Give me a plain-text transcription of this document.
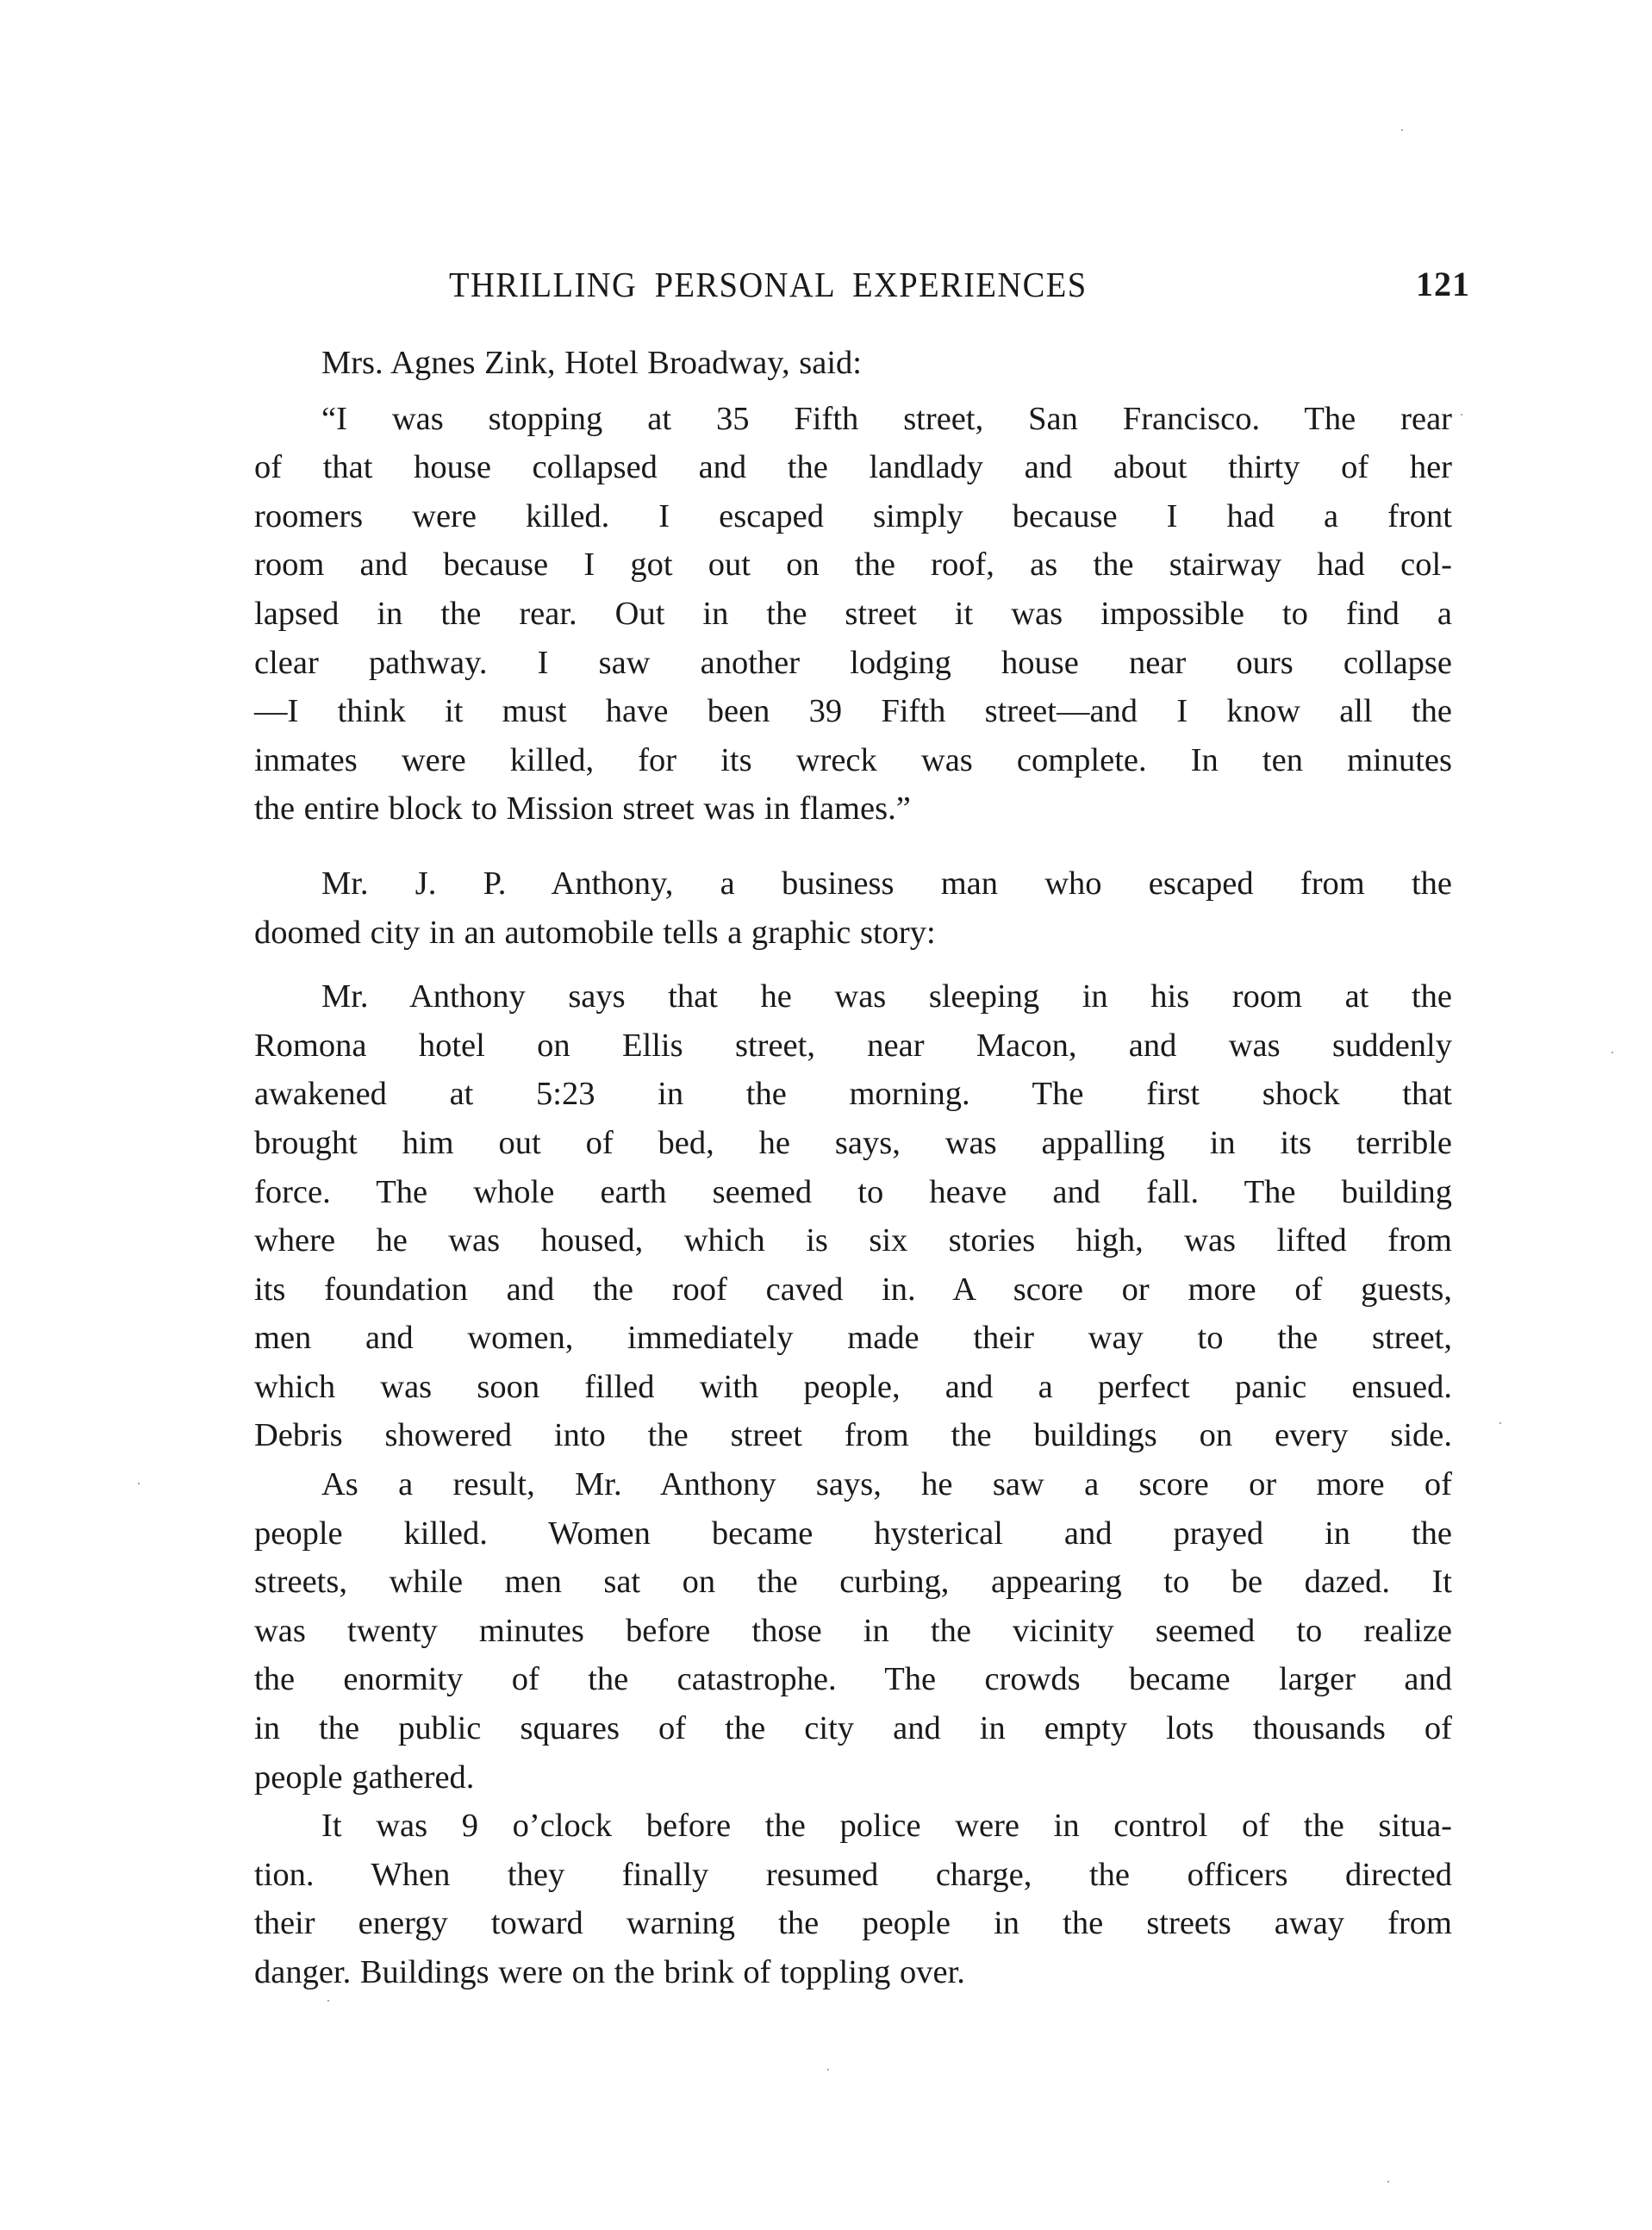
THRILLING PERSONAL EXPERIENCES	121
Mrs. Agnes Zink, Hotel Broadway, said:
“I was stopping at 35 Fifth street, San Francisco. The rear
of that house collapsed and the landlady and about thirty of her
roomers were killed. I escaped simply because I had a front
room and because I got out on the roof, as the stairway had col-
lapsed in the rear. Out in the street it was impossible to find a
clear pathway. I saw another lodging house near ours collapse
—I think it must have been 39 Fifth street—and I know all the
inmates were killed, for its wreck was complete. In ten minutes
the entire block to Mission street was in flames.”
Mr. J. P. Anthony, a business man who escaped from the
doomed city in an automobile tells a graphic story:
Mr. Anthony says that he was sleeping in his room at the
Romona hotel on Ellis street, near Macon, and was suddenly
awakened at 5:23 in the morning. The first shock that
brought him out of bed, he says, was appalling in its terrible
force. The whole earth seemed to heave and fall. The building
where he was housed, which is six stories high, was lifted from
its foundation and the roof caved in. A score or more of guests,
men and women, immediately made their way to the street,
which was soon filled with people, and a perfect panic ensued.
Debris showered into the street from the buildings on every side.
As a result, Mr. Anthony says, he saw a score or more of
people killed. Women became hysterical and prayed in the
streets, while men sat on the curbing, appearing to be dazed. It
was twenty minutes before those in the vicinity seemed to realize
the enormity of the catastrophe. The crowds became larger and
in the public squares of the city and in empty lots thousands of
people gathered.
It was 9 o’clock before the police were in control of the situa-
tion. When they finally resumed charge, the officers directed
their energy toward warning the people in the streets away from
danger. Buildings were on the brink of toppling over.
